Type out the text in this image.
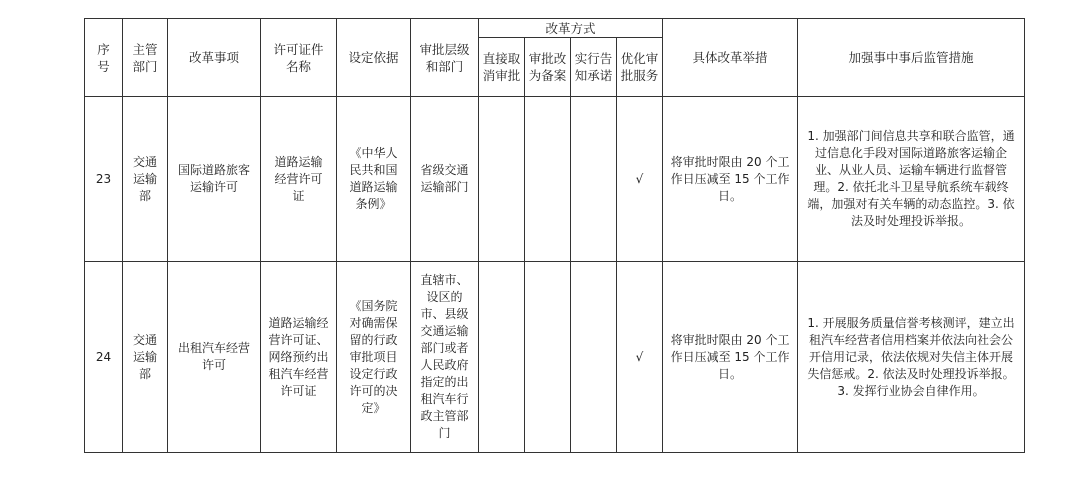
序号	主管部门	改革事项	许可证件名称	设定依据	审批层级和部门	改革方式				具体改革举措	加强事中事后监管措施
						直接取消审批	审批改为备案	实行告知承诺	优化审批服务		
23	交通运输部	国际道路旅客运输许可	道路运输经营许可证	《中华人民共和国道路运输条例》	省级交通运输部门				√	将审批时限由 20 个工作日压减至 15 个工作日。	1. 加强部门间信息共享和联合监管，通过信息化手段对国际道路旅客运输企业、从业人员、运输车辆进行监督管理。2. 依托北斗卫星导航系统车载终端，加强对有关车辆的动态监控。3. 依法及时处理投诉举报。
24	交通运输部	出租汽车经营许可	道路运输经营许可证、网络预约出租汽车经营许可证	《国务院对确需保留的行政审批项目设定行政许可的决定》	直辖市、设区的市、县级交通运输部门或者人民政府指定的出租汽车行政主管部门				√	将审批时限由 20 个工作日压减至 15 个工作日。	1. 开展服务质量信誉考核测评，建立出租汽车经营者信用档案并依法向社会公开信用记录，依法依规对失信主体开展失信惩戒。2. 依法及时处理投诉举报。3. 发挥行业协会自律作用。
